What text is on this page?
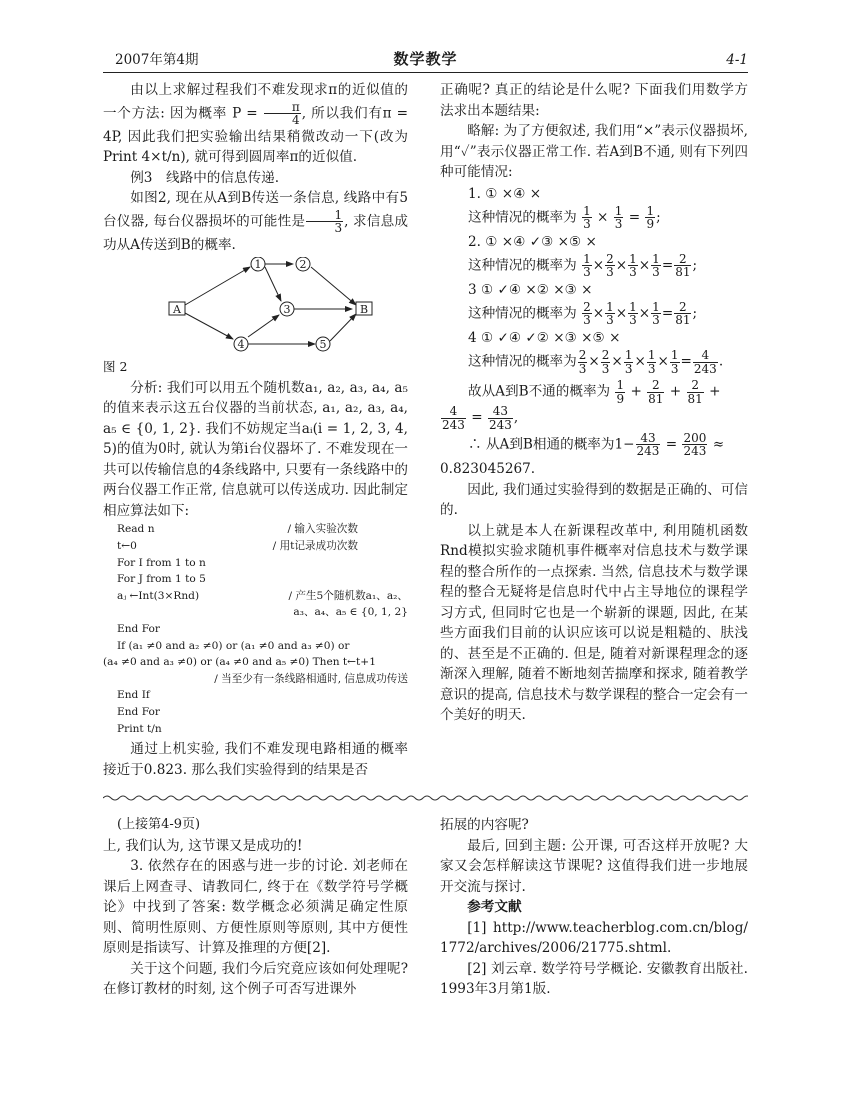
2007年第4期	数学教学	4-1

由以上求解过程我们不难发现求π的近似值的一个方法: 因为概率 $P = \frac{\pi}{4}$ , 所以我们有π = 4P, 因此我们把实验输出结果稍微改动一下(改为Print 4×t/n), 就可得到圆周率π的近似值.

例3　线路中的信息传递.

如图2, 现在从A到B传送一条信息, 线路中有5台仪器, 每台仪器损坏的可能性是 $\frac{1}{3}$ , 求信息成功从A传送到B的概率.

1	2
3
4	5
A	B

图 2

分析: 我们可以用五个随机数a₁, a₂, a₃, a₄, a₅的值来表示这五台仪器的当前状态, a₁, a₂, a₃, a₄, a₅ ∈ {0, 1, 2}. 我们不妨规定当aᵢ(i = 1, 2, 3, 4, 5)的值为0时, 就认为第i台仪器坏了. 不难发现在一共可以传输信息的4条线路中, 只要有一条线路中的两台仪器工作正常, 信息就可以传送成功. 因此制定相应算法如下:

Read n	/ 输入实验次数
t←0	/ 用t记录成功次数
For I from 1 to n
For J from 1 to 5
aⱼ ←Int(3×Rnd)	/ 产生5个随机数a₁、a₂、
a₃、a₄、a₅ ∈ {0, 1, 2}
End For
If (a₁ ≠0 and a₂ ≠0) or (a₁ ≠0 and a₃ ≠0) or
(a₄ ≠0 and a₃ ≠0) or (a₄ ≠0 and a₅ ≠0) Then t←t+1
/ 当至少有一条线路相通时, 信息成功传送
End If
End For
Print t/n

通过上机实验, 我们不难发现电路相通的概率接近于0.823. 那么我们实验得到的结果是否

正确呢? 真正的结论是什么呢? 下面我们用数学方法求出本题结果:

略解: 为了方便叙述, 我们用“×”表示仪器损坏, 用“✓”表示仪器正常工作. 若A到B不通, 则有下列四种可能情况:

1. ① ×④ ×

这种情况的概率为 $\frac{1}{3} \times \frac{1}{3} = \frac{1}{9}$ ;

2. ① ×④ ✓③ ×⑤ ×

这种情况的概率为 $\frac{1}{3} \times \frac{2}{3} \times \frac{1}{3} \times \frac{1}{3} = \frac{2}{81}$ ;

3 ① ✓④ ×② ×③ ×

这种情况的概率为 $\frac{2}{3} \times \frac{1}{3} \times \frac{1}{3} \times \frac{1}{3} = \frac{2}{81}$ ;

4 ① ✓④ ✓② ×③ ×⑤ ×

这种情况的概率为 $\frac{2}{3} \times \frac{2}{3} \times \frac{1}{3} \times \frac{1}{3} \times \frac{1}{3} = \frac{4}{243}$ .

故从A到B不通的概率为 $\frac{1}{9} + \frac{2}{81} + \frac{2}{81}$ +

$\frac{4}{243} = \frac{43}{243}$ ,

∴ 从A到B相通的概率为$1- \frac{43}{243} = \frac{200}{243}$ ≈

0.823045267.

因此, 我们通过实验得到的数据是正确的、可信的.

以上就是本人在新课程改革中, 利用随机函数Rnd模拟实验求随机事件概率对信息技术与数学课程的整合所作的一点探索. 当然, 信息技术与数学课程的整合无疑将是信息时代中占主导地位的课程学习方式, 但同时它也是一个崭新的课题, 因此, 在某些方面我们目前的认识应该可以说是粗糙的、肤浅的、甚至是不正确的. 但是, 随着对新课程理念的逐渐深入理解, 随着不断地刻苦揣摩和探求, 随着教学意识的提高, 信息技术与数学课程的整合一定会有一个美好的明天.

(上接第4-9页)

上, 我们认为, 这节课又是成功的!

3. 依然存在的困惑与进一步的讨论. 刘老师在课后上网查寻、请教同仁, 终于在《数学符号学概论》中找到了答案: 数学概念必须满足确定性原则、简明性原则、方便性原则等原则, 其中方便性原则是指读写、计算及推理的方便[2].

关于这个问题, 我们今后究竟应该如何处理呢? 在修订教材的时刻, 这个例子可否写进课外

拓展的内容呢?

最后, 回到主题: 公开课, 可否这样开放呢? 大家又会怎样解读这节课呢? 这值得我们进一步地展开交流与探讨.

参考文献

[1] http://www.teacherblog.com.cn/blog/1772/archives/2006/21775.shtml.

[2] 刘云章. 数学符号学概论. 安徽教育出版社. 1993年3月第1版.
